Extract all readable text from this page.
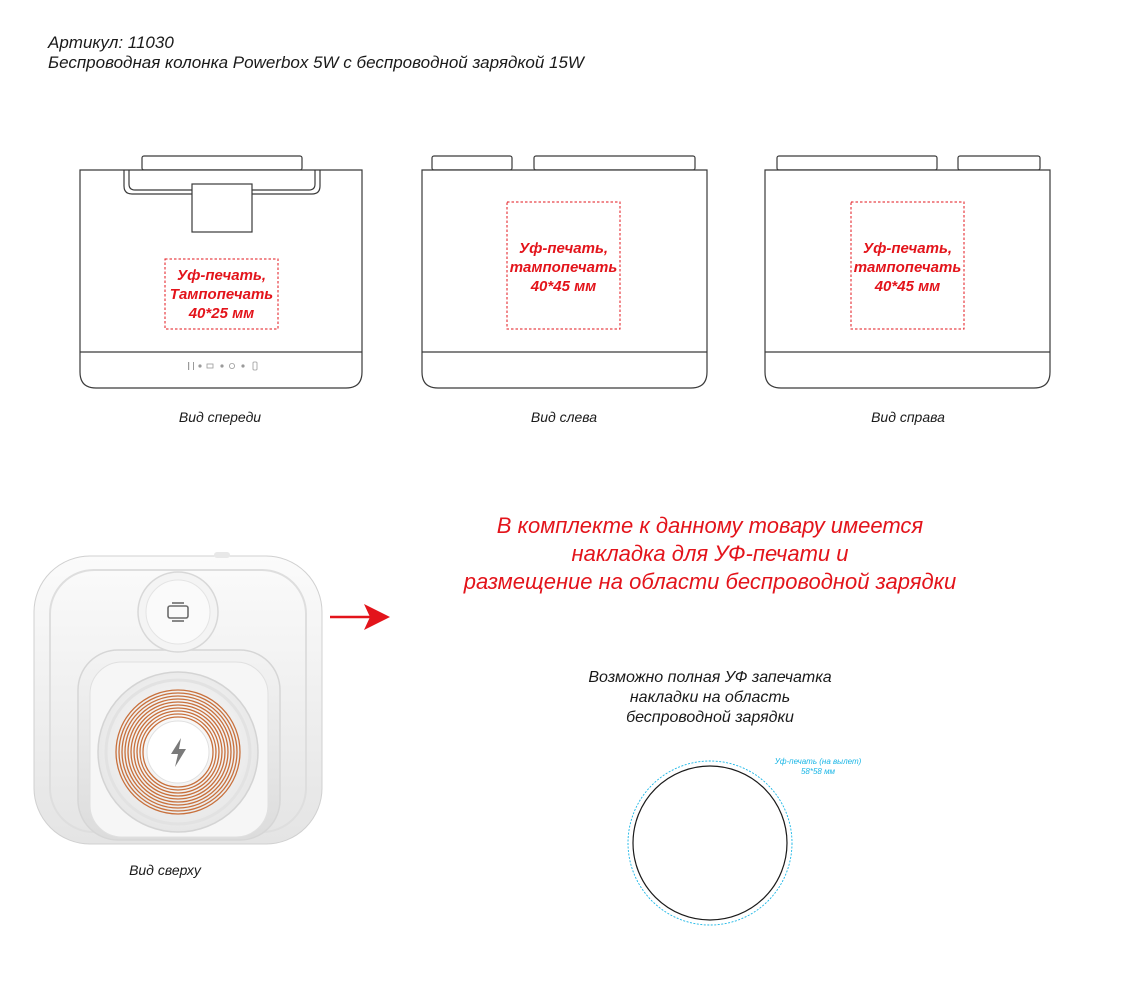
Артикул: 11030
Беспроводная колонка Powerbox 5W с беспроводной зарядкой 15W
Уф-печать,
Тампопечать
40*25 мм
Вид спереди
Уф-печать,
тампопечать
40*45 мм
Вид слева
Уф-печать,
тампопечать
40*45 мм
Вид справа
Вид сверху
В комплекте к данному товару имеется
накладка для УФ-печати и
размещение на области беспроводной зарядки
Возможно полная УФ запечатка
накладки на область
беспроводной зарядки
Уф-печать (на вылет)
58*58 мм
